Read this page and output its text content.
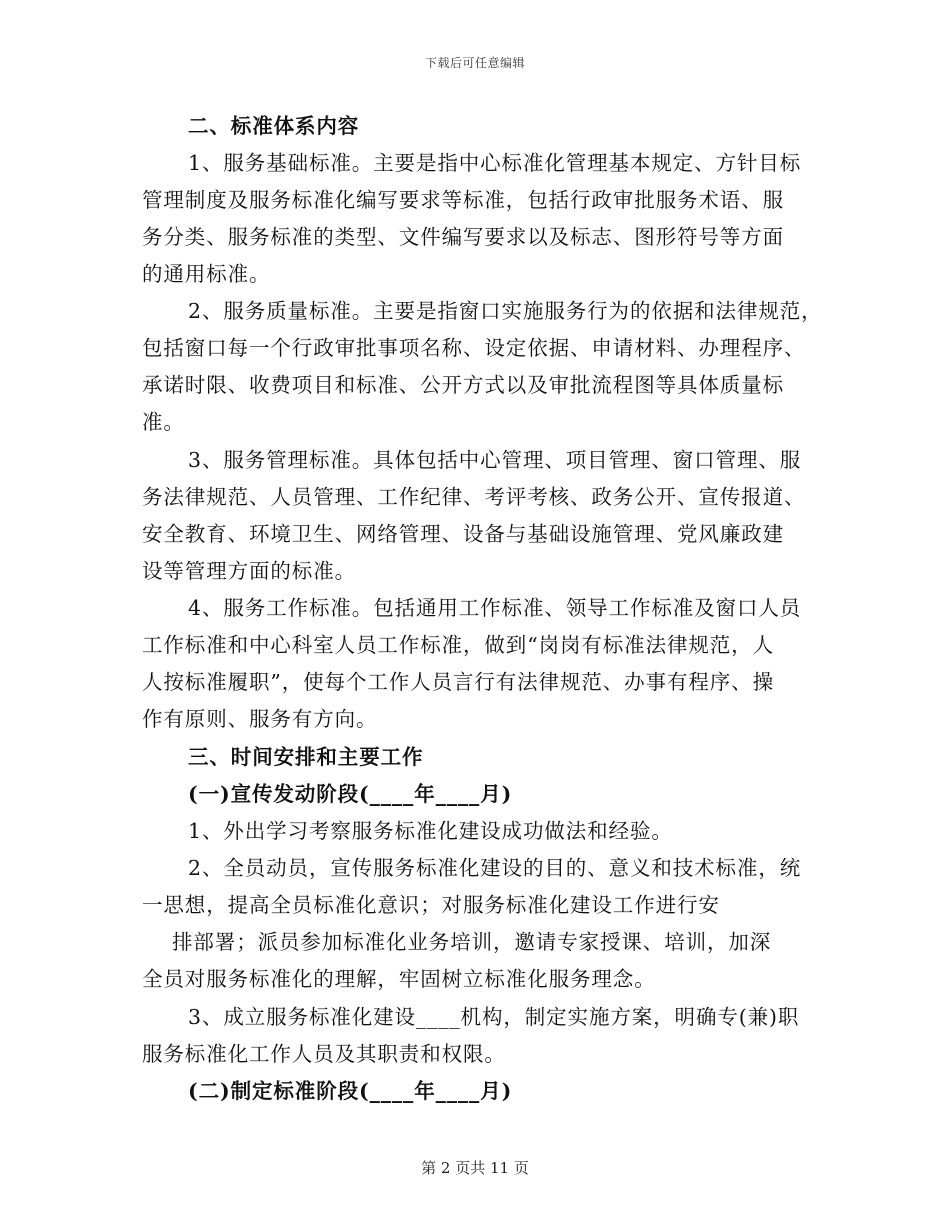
下载后可任意编辑
二、标准体系内容
1、服务基础标准。主要是指中心标准化管理基本规定、方针目标
管理制度及服务标准化编写要求等标准，包括行政审批服务术语、服
务分类、服务标准的类型、文件编写要求以及标志、图形符号等方面
的通用标准。
2、服务质量标准。主要是指窗口实施服务行为的依据和法律规范，
包括窗口每一个行政审批事项名称、设定依据、申请材料、办理程序、
承诺时限、收费项目和标准、公开方式以及审批流程图等具体质量标
准。
3、服务管理标准。具体包括中心管理、项目管理、窗口管理、服
务法律规范、人员管理、工作纪律、考评考核、政务公开、宣传报道、
安全教育、环境卫生、网络管理、设备与基础设施管理、党风廉政建
设等管理方面的标准。
4、服务工作标准。包括通用工作标准、领导工作标准及窗口人员
工作标准和中心科室人员工作标准，做到“岗岗有标准法律规范，人
人按标准履职”，使每个工作人员言行有法律规范、办事有程序、操
作有原则、服务有方向。
三、时间安排和主要工作
(一)宣传发动阶段(____年____月)
1、外出学习考察服务标准化建设成功做法和经验。
2、全员动员，宣传服务标准化建设的目的、意义和技术标准，统
一思想，提高全员标准化意识；对服务标准化建设工作进行安
排部署；派员参加标准化业务培训，邀请专家授课、培训，加深
全员对服务标准化的理解，牢固树立标准化服务理念。
3、成立服务标准化建设____机构，制定实施方案，明确专(兼)职
服务标准化工作人员及其职责和权限。
(二)制定标准阶段(____年____月)
第 2 页共 11 页
